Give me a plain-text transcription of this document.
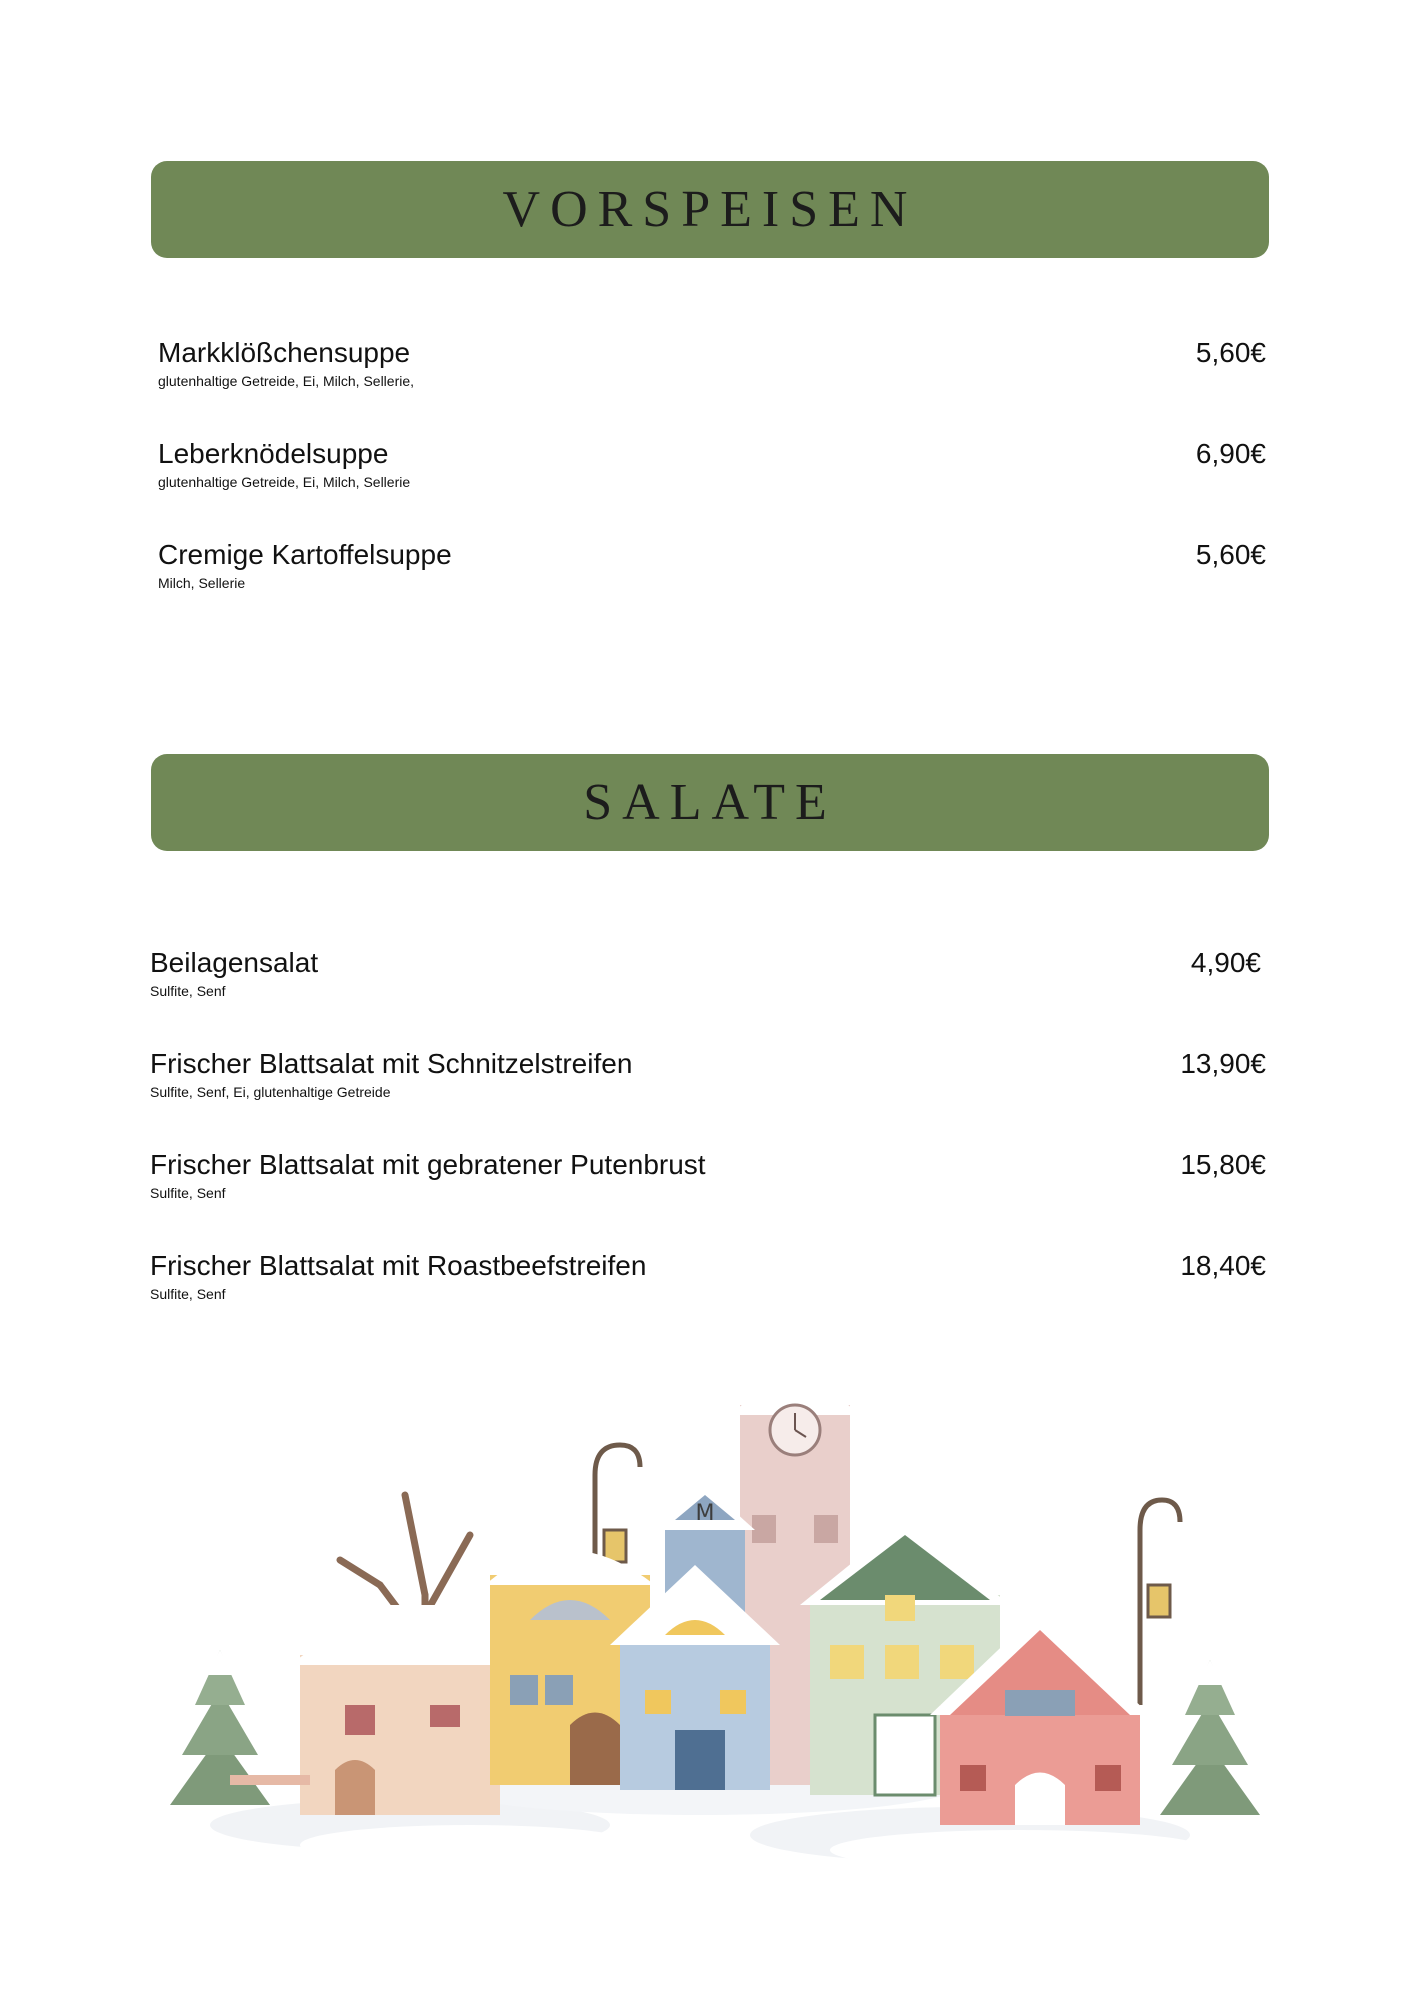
VORSPEISEN
Markklößchensuppe
glutenhaltige Getreide, Ei, Milch, Sellerie,
5,60€
Leberknödelsuppe
glutenhaltige Getreide, Ei, Milch, Sellerie
6,90€
Cremige Kartoffelsuppe
Milch, Sellerie
5,60€
SALATE
Beilagensalat
Sulfite, Senf
4,90€
Frischer Blattsalat mit Schnitzelstreifen
Sulfite, Senf, Ei, glutenhaltige Getreide
13,90€
Frischer Blattsalat mit gebratener Putenbrust
Sulfite, Senf
15,80€
Frischer Blattsalat mit Roastbeefstreifen
Sulfite, Senf
18,40€
M
